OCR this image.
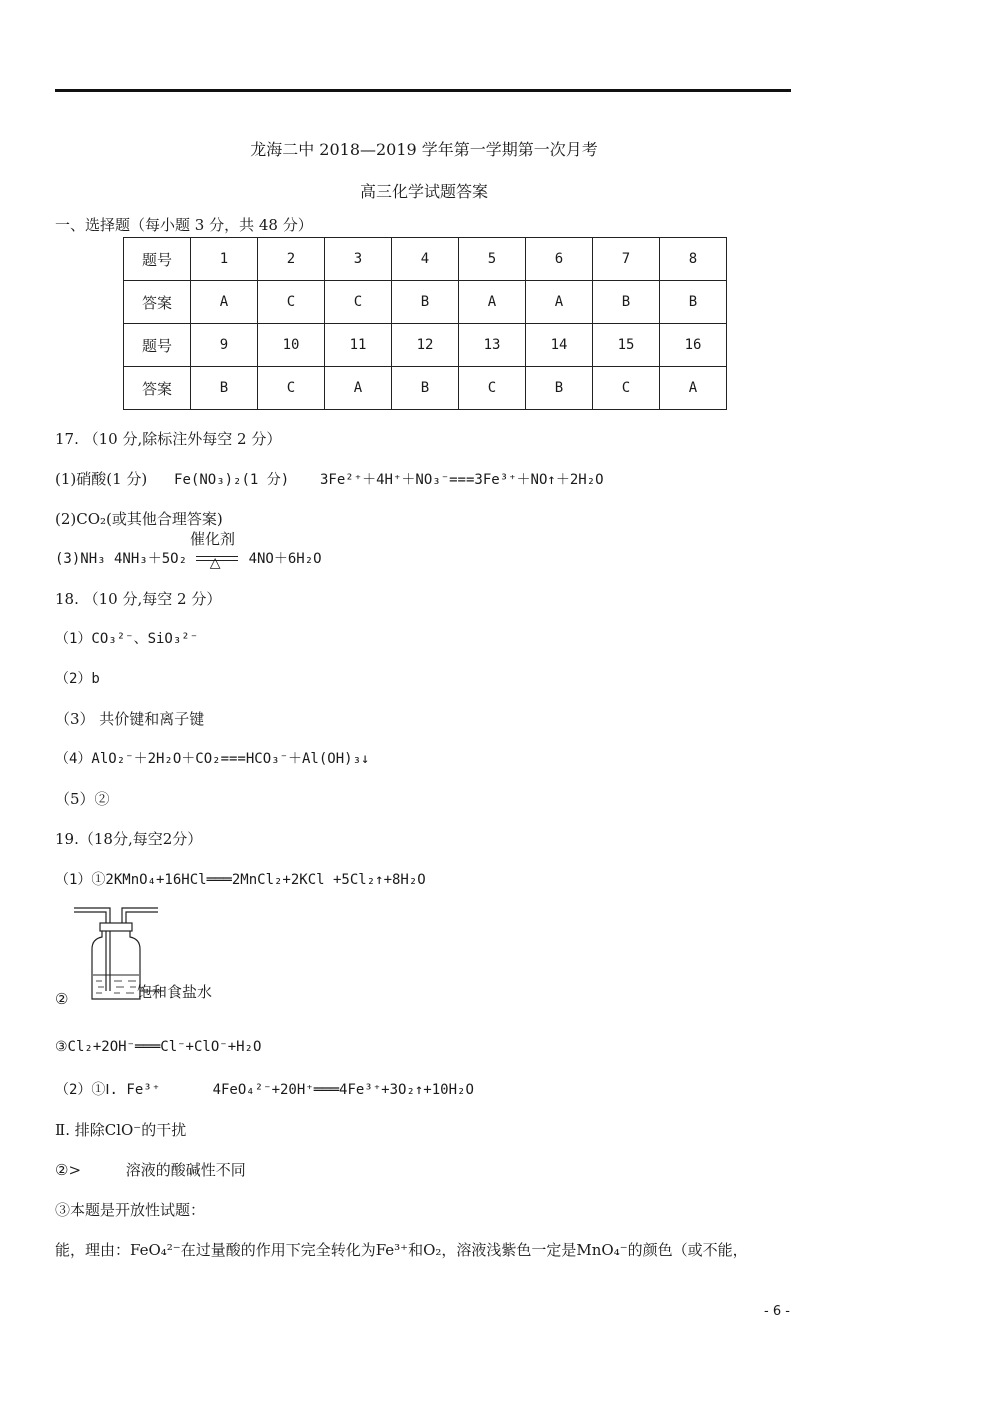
龙海二中 2018—2019 学年第一学期第一次月考
高三化学试题答案
一、选择题（每小题 3 分，共 48 分）
题号	1	2	3	4	5	6	7	8
答案	A	C	C	B	A	A	B	B
题号	9	10	11	12	13	14	15	16
答案	B	C	A	B	C	B	C	A
17. （10 分,除标注外每空 2 分）
(1)硝酸(1 分) Fe(NO₃)₂(1 分) 3Fe²⁺＋4H⁺＋NO₃⁻===3Fe³⁺＋NO↑＋2H₂O
(2)CO₂(或其他合理答案)
催化剂
(3)NH₃ 4NH₃＋5O₂ △ 4NO＋6H₂O
18. （10 分,每空 2 分）
（1）CO₃²⁻、SiO₃²⁻
（2）b
（3） 共价键和离子键
（4）AlO₂⁻＋2H₂O＋CO₂===HCO₃⁻＋Al(OH)₃↓
（5）②
19.（18分,每空2分）
（1）①2KMnO₄+16HCl═══2MnCl₂+2KCl +5Cl₂↑+8H₂O
②	饱和食盐水
③Cl₂+2OH⁻═══Cl⁻+ClO⁻+H₂O
（2）①Ⅰ. Fe³⁺	4FeO₄²⁻+20H⁺═══4Fe³⁺+3O₂↑+10H₂O
Ⅱ. 排除ClO⁻的干扰
②>	溶液的酸碱性不同
③本题是开放性试题：
能，理由：FeO₄²⁻在过量酸的作用下完全转化为Fe³⁺和O₂，溶液浅紫色一定是MnO₄⁻的颜色（或不能，
- 6 -
